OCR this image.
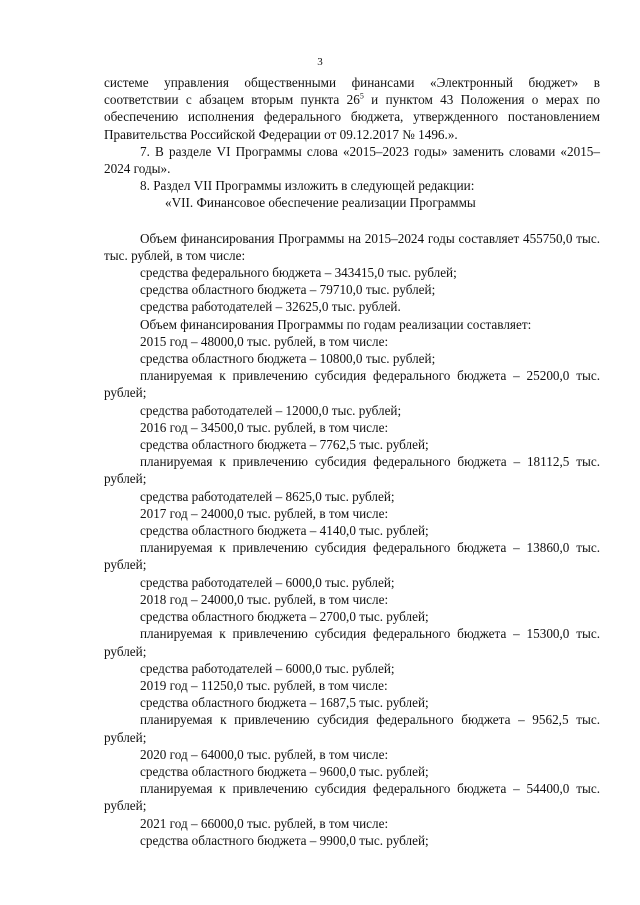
3
системе управления общественными финансами «Электронный бюджет» в соответствии с абзацем вторым пункта $26^5$ и пунктом 43 Положения о мерах по обеспечению исполнения федерального бюджета, утвержденного постановлением Правительства Российской Федерации от 09.12.2017 № 1496.».
7. В разделе VI Программы слова «2015–2023 годы» заменить словами «2015–2024 годы».
8. Раздел VII Программы изложить в следующей редакции:
«VII. Финансовое обеспечение реализации Программы
Объем финансирования Программы на 2015–2024 годы составляет 455750,0 тыс. тыс. рублей, в том числе:
средства федерального бюджета – 343415,0 тыс. рублей;
средства областного бюджета – 79710,0 тыс. рублей;
средства работодателей – 32625,0 тыс. рублей.
Объем финансирования Программы по годам реализации составляет:
2015 год – 48000,0 тыс. рублей, в том числе:
средства областного бюджета – 10800,0 тыс. рублей;
планируемая к привлечению субсидия федерального бюджета – 25200,0 тыс. рублей;
средства работодателей – 12000,0 тыс. рублей;
2016 год – 34500,0 тыс. рублей, в том числе:
средства областного бюджета – 7762,5 тыс. рублей;
планируемая к привлечению субсидия федерального бюджета – 18112,5 тыс. рублей;
средства работодателей – 8625,0 тыс. рублей;
2017 год – 24000,0 тыс. рублей, в том числе:
средства областного бюджета – 4140,0 тыс. рублей;
планируемая к привлечению субсидия федерального бюджета – 13860,0 тыс. рублей;
средства работодателей – 6000,0 тыс. рублей;
2018 год – 24000,0 тыс. рублей, в том числе:
средства областного бюджета – 2700,0 тыс. рублей;
планируемая к привлечению субсидия федерального бюджета – 15300,0 тыс. рублей;
средства работодателей – 6000,0 тыс. рублей;
2019 год – 11250,0 тыс. рублей, в том числе:
средства областного бюджета – 1687,5 тыс. рублей;
планируемая к привлечению субсидия федерального бюджета – 9562,5 тыс. рублей;
2020 год – 64000,0 тыс. рублей, в том числе:
средства областного бюджета – 9600,0 тыс. рублей;
планируемая к привлечению субсидия федерального бюджета – 54400,0 тыс. рублей;
2021 год – 66000,0 тыс. рублей, в том числе:
средства областного бюджета – 9900,0 тыс. рублей;
